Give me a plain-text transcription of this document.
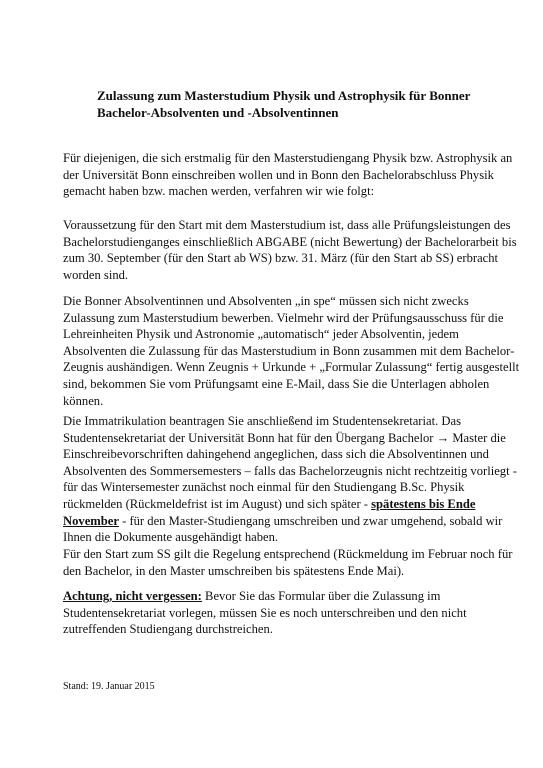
Zulassung zum Masterstudium Physik und Astrophysik für Bonner
Bachelor-Absolventen und -Absolventinnen

Für diejenigen, die sich erstmalig für den Masterstudiengang Physik bzw. Astrophysik an der Universität Bonn einschreiben wollen und in Bonn den Bachelorabschluss Physik gemacht haben bzw. machen werden, verfahren wir wie folgt:

Voraussetzung für den Start mit dem Masterstudium ist, dass alle Prüfungsleistungen des Bachelorstudienganges einschließlich ABGABE (nicht Bewertung) der Bachelorarbeit bis zum 30. September (für den Start ab WS) bzw. 31. März (für den Start ab SS) erbracht worden sind.

Die Bonner Absolventinnen und Absolventen „in spe“ müssen sich nicht zwecks Zulassung zum Masterstudium bewerben. Vielmehr wird der Prüfungsausschuss für die Lehreinheiten Physik und Astronomie „automatisch“ jeder Absolventin, jedem Absolventen die Zulassung für das Masterstudium in Bonn zusammen mit dem Bachelor-Zeugnis aushändigen. Wenn Zeugnis + Urkunde + „Formular Zulassung“ fertig ausgestellt sind, bekommen Sie vom Prüfungsamt eine E-Mail, dass Sie die Unterlagen abholen können.

Die Immatrikulation beantragen Sie anschließend im Studentensekretariat. Das Studentensekretariat der Universität Bonn hat für den Übergang Bachelor → Master die Einschreibevorschriften dahingehend angeglichen, dass sich die Absolventinnen und Absolventen des Sommersemesters – falls das Bachelorzeugnis nicht rechtzeitig vorliegt - für das Wintersemester zunächst noch einmal für den Studiengang B.Sc. Physik rückmelden (Rückmeldefrist ist im August) und sich später - spätestens bis Ende November - für den Master-Studiengang umschreiben und zwar umgehend, sobald wir Ihnen die Dokumente ausgehändigt haben.

Für den Start zum SS gilt die Regelung entsprechend (Rückmeldung im Februar noch für den Bachelor, in den Master umschreiben bis spätestens Ende Mai).

Achtung, nicht vergessen: Bevor Sie das Formular über die Zulassung im Studentensekretariat vorlegen, müssen Sie es noch unterschreiben und den nicht zutreffenden Studiengang durchstreichen.

Stand: 19. Januar 2015
